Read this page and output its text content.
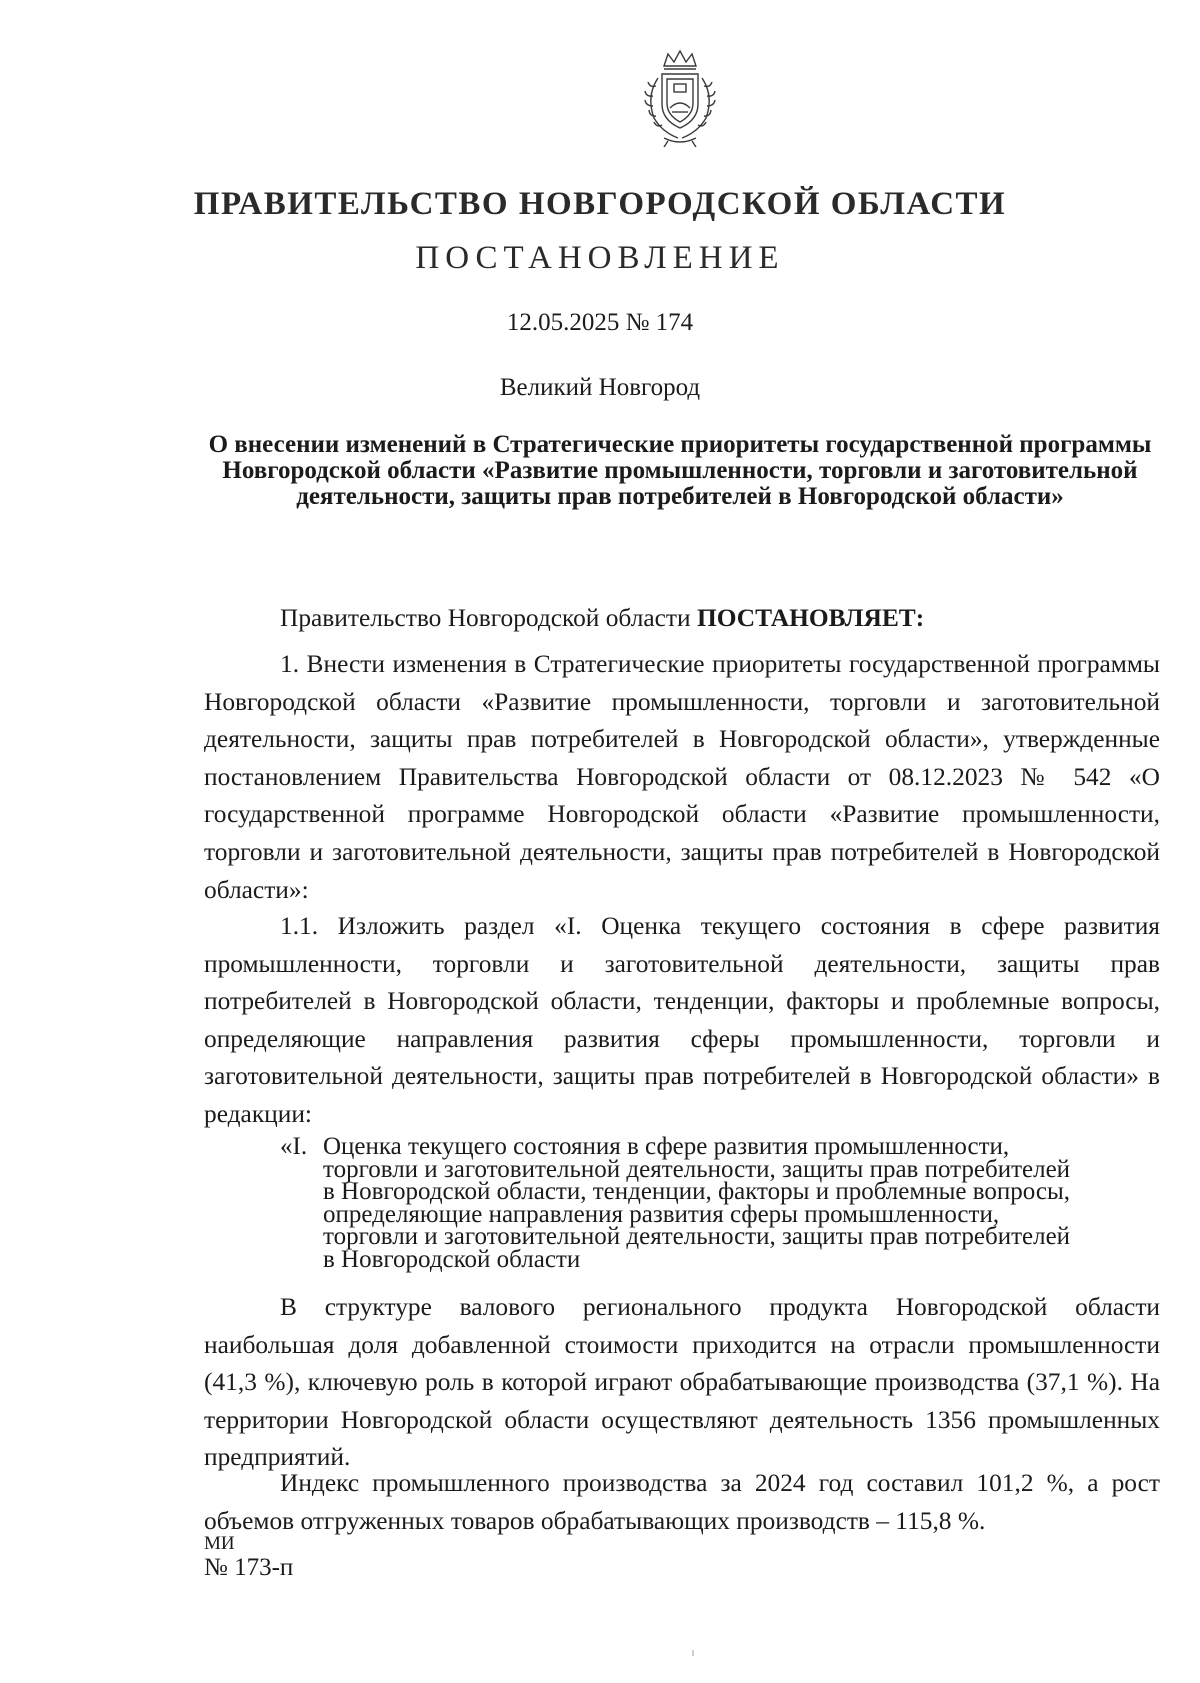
ПРАВИТЕЛЬСТВО НОВГОРОДСКОЙ ОБЛАСТИ
ПОСТАНОВЛЕНИЕ
12.05.2025 № 174
Великий Новгород
О внесении изменений в Стратегические приоритеты государственной программы Новгородской области «Развитие промышленности, торговли и заготовительной деятельности, защиты прав потребителей в Новгородской области»
Правительство Новгородской области ПОСТАНОВЛЯЕТ:

1. Внести изменения в Стратегические приоритеты государственной программы Новгородской области «Развитие промышленности, торговли и заготовительной деятельности, защиты прав потребителей в Новгородской области», утвержденные постановлением Правительства Новгородской области от 08.12.2023 № 542 «О государственной программе Новгородской области «Развитие промышленности, торговли и заготовительной деятельности, защиты прав потребителей в Новгородской области»:

1.1. Изложить раздел «I. Оценка текущего состояния в сфере развития промышленности, торговли и заготовительной деятельности, защиты прав потребителей в Новгородской области, тенденции, факторы и проблемные вопросы, определяющие направления развития сферы промышленности, торговли и заготовительной деятельности, защиты прав потребителей в Новгородской области» в редакции:

«I. Оценка текущего состояния в сфере развития промышленности,
торговли и заготовительной деятельности, защиты прав потребителей
в Новгородской области, тенденции, факторы и проблемные вопросы,
определяющие направления развития сферы промышленности,
торговли и заготовительной деятельности, защиты прав потребителей
в Новгородской области

В структуре валового регионального продукта Новгородской области наибольшая доля добавленной стоимости приходится на отрасли промышленности (41,3 %), ключевую роль в которой играют обрабатывающие производства (37,1 %). На территории Новгородской области осуществляют деятельность 1356 промышленных предприятий.

Индекс промышленного производства за 2024 год составил 101,2 %, а рост объемов отгруженных товаров обрабатывающих производств – 115,8 %.

МИ
№ 173-п
